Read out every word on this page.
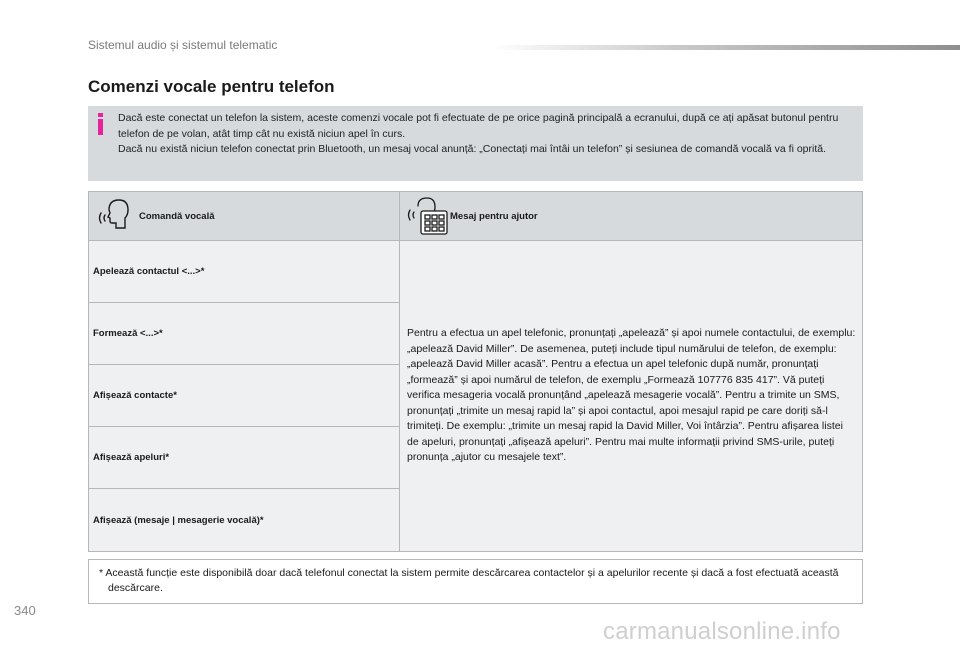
Sistemul audio și sistemul telematic
Comenzi vocale pentru telefon

Dacă este conectat un telefon la sistem, aceste comenzi vocale pot fi efectuate de pe orice pagină principală a ecranului, după ce ați apăsat butonul pentru telefon de pe volan, atât timp cât nu există niciun apel în curs.

Dacă nu există niciun telefon conectat prin Bluetooth, un mesaj vocal anunță: „Conectați mai întâi un telefon” și sesiunea de comandă vocală va fi oprită.

Comandă vocală	Mesaj pentru ajutor
Apelează contactul <...>*
Formează <...>*
Afișează contacte*
Afișează apeluri*
Afișează (mesaje | mesagerie vocală)*
Pentru a efectua un apel telefonic, pronunțați „apelează” și apoi numele contactului, de exemplu: „apelează David Miller”. De asemenea, puteți include tipul numărului de telefon, de exemplu: „apelează David Miller acasă”. Pentru a efectua un apel telefonic după număr, pronunțați „formează” și apoi numărul de telefon, de exemplu „Formează 107776 835 417”. Vă puteți verifica mesageria vocală pronunțând „apelează mesagerie vocală”. Pentru a trimite un SMS, pronunțați „trimite un mesaj rapid la” și apoi contactul, apoi mesajul rapid pe care doriți să-l trimiteți. De exemplu: „trimite un mesaj rapid la David Miller, Voi întârzia”. Pentru afișarea listei de apeluri, pronunțați „afișează apeluri”. Pentru mai multe informații privind SMS-urile, puteți pronunța „ajutor cu mesajele text”.
* Această funcție este disponibilă doar dacă telefonul conectat la sistem permite descărcarea contactelor și a apelurilor recente și dacă a fost efectuată această descărcare.
340
carmanualsonline.info
